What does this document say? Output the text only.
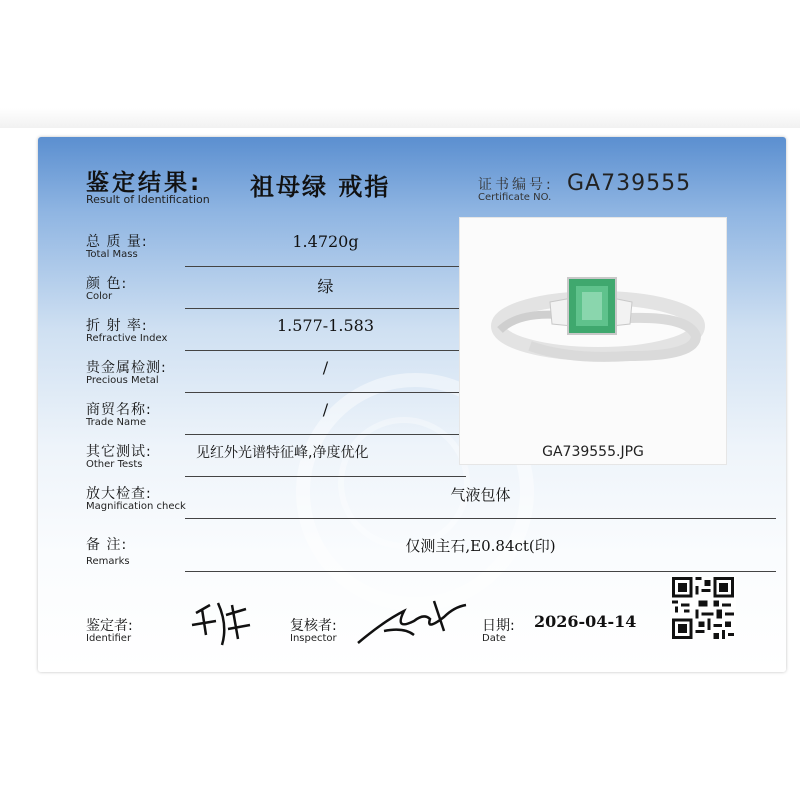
鉴定结果:
Result of Identification 祖母绿 戒指	证书编号:
Certificate NO.
GA739555
总 质 量:
Total Mass
1.4720g
颜 色:
Color
绿
折 射 率:
Refractive Index
1.577-1.583
贵金属检测:
Precious Metal
/
商贸名称:
Trade Name
/
其它测试:
Other Tests
见红外光谱特征峰,净度优化
放大检查:
Magnification check
气液包体
备 注:
Remarks
仅测主石,E0.84ct(印)
GA739555.JPG
鉴定者:
Identifier
复核者:
Inspector
日期:
Date
2026-04-14
